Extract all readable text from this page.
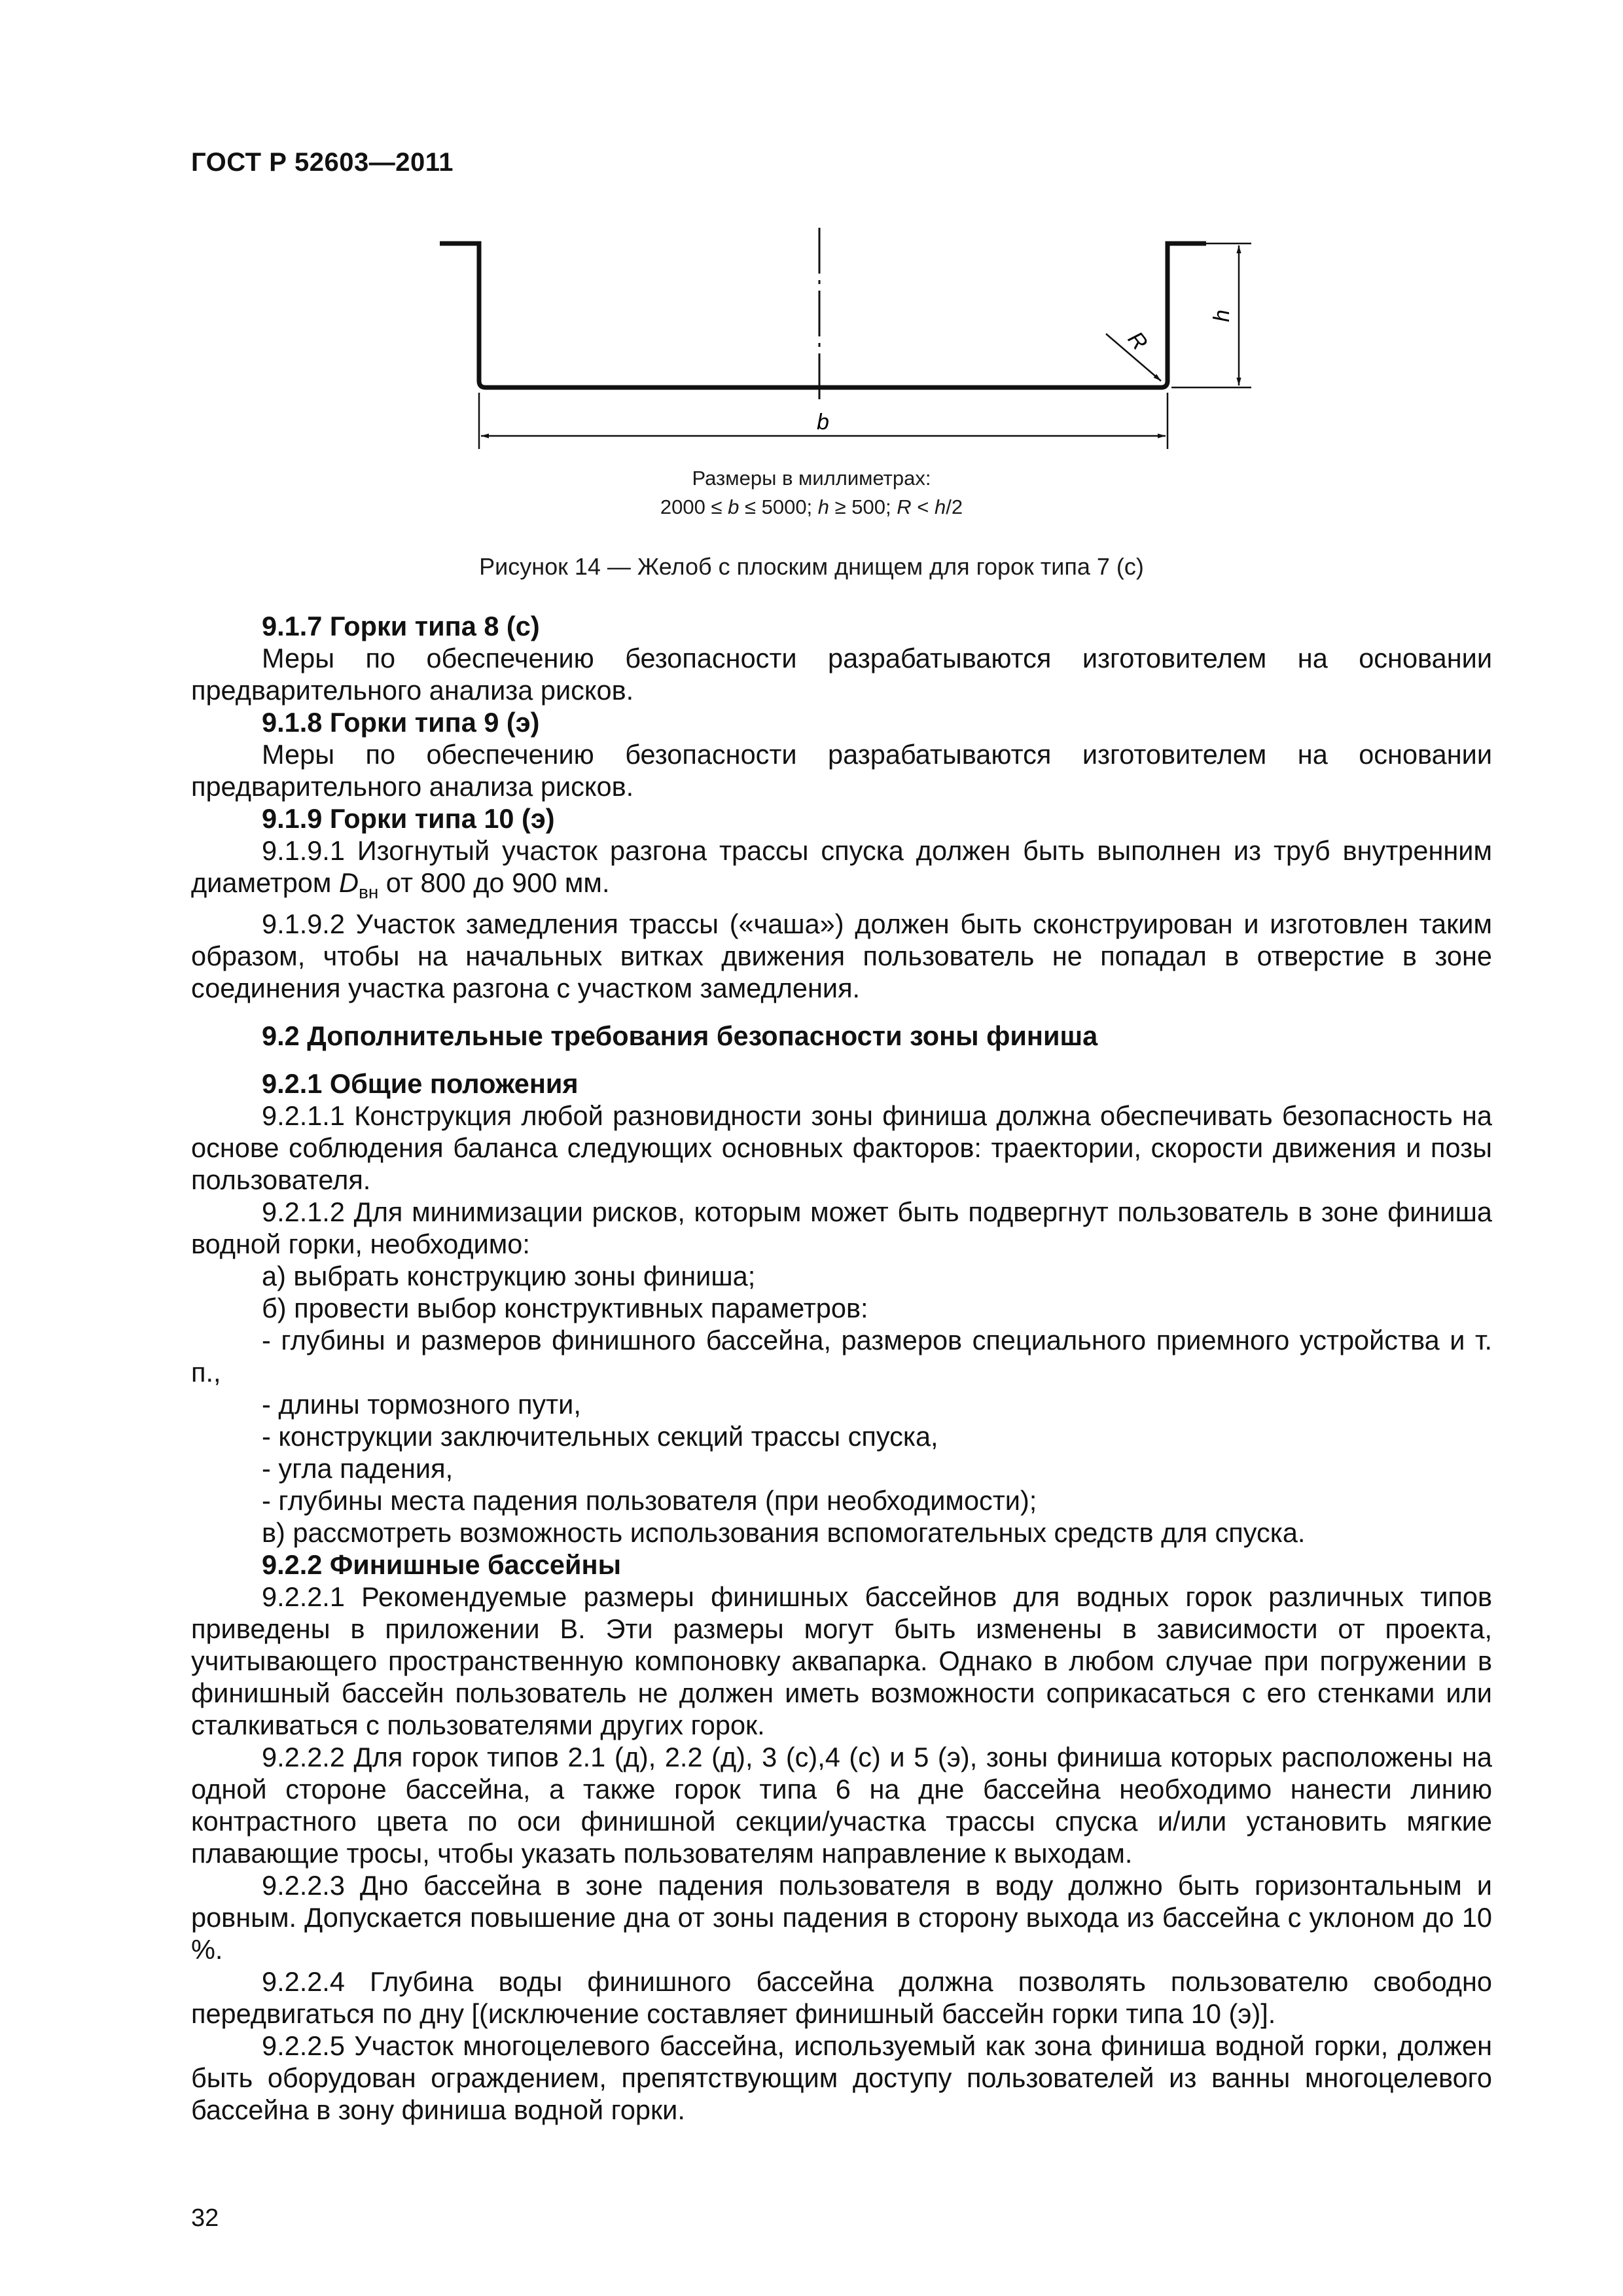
ГОСТ Р 52603—2011
b
h
R
Размеры в миллиметрах:
2000 ≤ b ≤ 5000; h ≥ 500; R < h/2
Рисунок 14 — Желоб с плоским днищем для горок типа 7 (с)
9.1.7 Горки типа 8 (с)

Меры по обеспечению безопасности разрабатываются изготовителем на основании предварительного анализа рисков.

9.1.8 Горки типа 9 (э)

Меры по обеспечению безопасности разрабатываются изготовителем на основании предварительного анализа рисков.

9.1.9 Горки типа 10 (э)

9.1.9.1 Изогнутый участок разгона трассы спуска должен быть выполнен из труб внутренним диаметром $D_{вн}$ от 800 до 900 мм.

9.1.9.2 Участок замедления трассы («чаша») должен быть сконструирован и изготовлен таким образом, чтобы на начальных витках движения пользователь не попадал в отверстие в зоне соединения участка разгона с участком замедления.

9.2 Дополнительные требования безопасности зоны финиша
9.2.1 Общие положения

9.2.1.1 Конструкция любой разновидности зоны финиша должна обеспечивать безопасность на основе соблюдения баланса следующих основных факторов: траектории, скорости движения и позы пользователя.

9.2.1.2 Для минимизации рисков, которым может быть подвергнут пользователь в зоне финиша водной горки, необходимо:

а) выбрать конструкцию зоны финиша;

б) провести выбор конструктивных параметров:

- глубины и размеров финишного бассейна, размеров специального приемного устройства и т. п.,

- длины тормозного пути,

- конструкции заключительных секций трассы спуска,

- угла падения,

- глубины места падения пользователя (при необходимости);

в) рассмотреть возможность использования вспомогательных средств для спуска.

9.2.2 Финишные бассейны

9.2.2.1 Рекомендуемые размеры финишных бассейнов для водных горок различных типов приведены в приложении В. Эти размеры могут быть изменены в зависимости от проекта, учитывающего пространственную компоновку аквапарка. Однако в любом случае при погружении в финишный бассейн пользователь не должен иметь возможности соприкасаться с его стенками или сталкиваться с пользователями других горок.

9.2.2.2 Для горок типов 2.1 (д), 2.2 (д), 3 (с),4 (с) и 5 (э), зоны финиша которых расположены на одной стороне бассейна, а также горок типа 6 на дне бассейна необходимо нанести линию контрастного цвета по оси финишной секции/участка трассы спуска и/или установить мягкие плавающие тросы, чтобы указать пользователям направление к выходам.

9.2.2.3 Дно бассейна в зоне падения пользователя в воду должно быть горизонтальным и ровным. Допускается повышение дна от зоны падения в сторону выхода из бассейна с уклоном до 10 %.

9.2.2.4 Глубина воды финишного бассейна должна позволять пользователю свободно передвигаться по дну [(исключение составляет финишный бассейн горки типа 10 (э)].

9.2.2.5 Участок многоцелевого бассейна, используемый как зона финиша водной горки, должен быть оборудован ограждением, препятствующим доступу пользователей из ванны многоцелевого бассейна в зону финиша водной горки.

32
